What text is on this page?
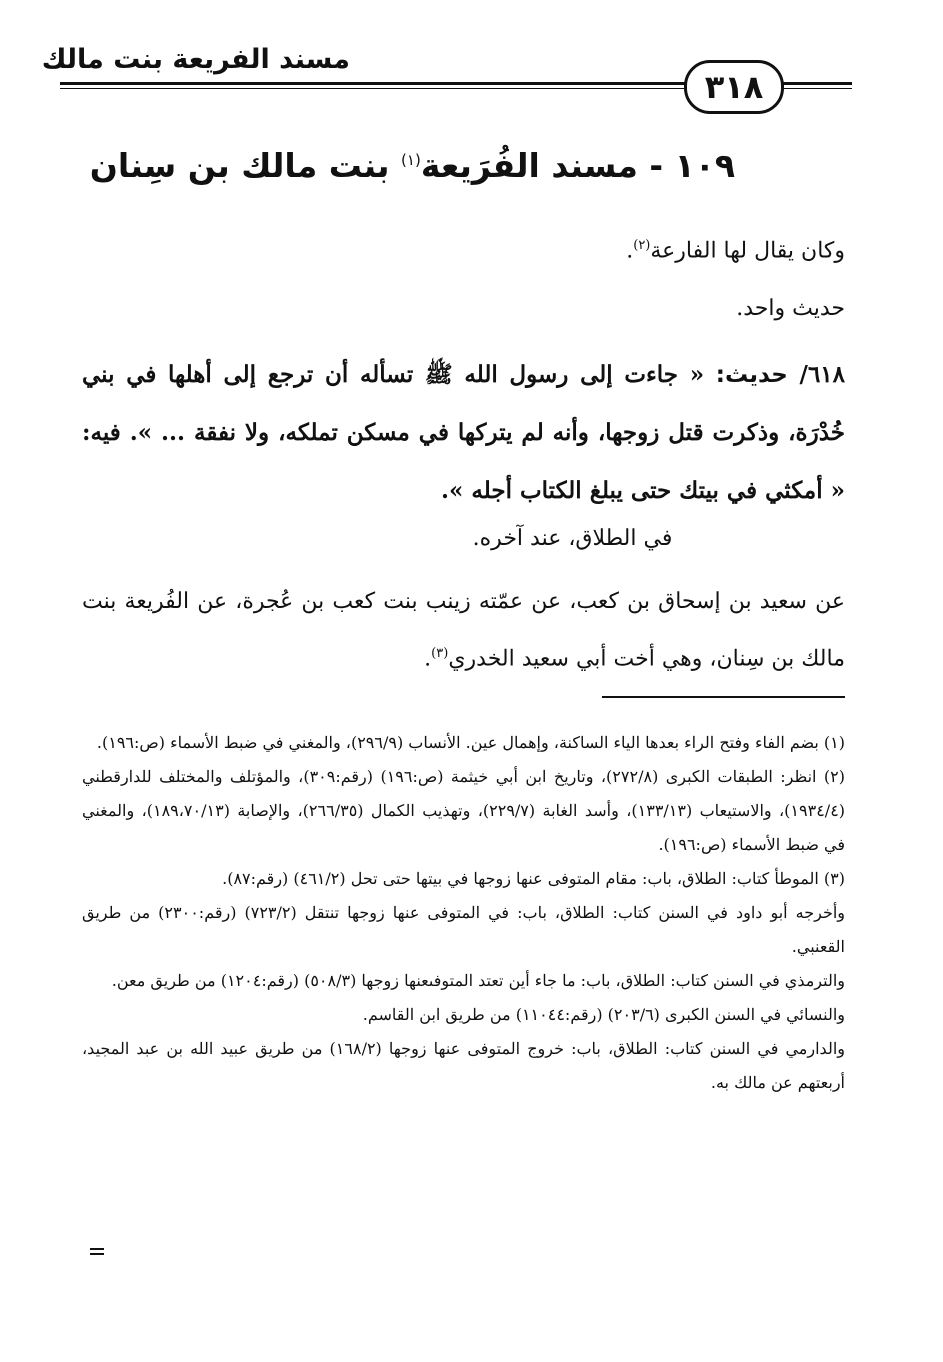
مسند الفريعة بنت مالك
٣١٨
١٠٩ - مسند الفُرَيعة$^{(١)}$ بنت مالك بن سِنان
وكان يقال لها الفارعة$^{(٢)}$.
حديث واحد.
٦١٨/ حديث: « جاءت إلى رسول الله ﷺ تسأله أن ترجع إلى أهلها في بني خُدْرَة، وذكرت قتل زوجها، وأنه لم يتركها في مسكن تملكه، ولا نفقة ... ». فيه: « أمكثي في بيتك حتى يبلغ الكتاب أجله ».
في الطلاق، عند آخره.
عن سعيد بن إسحاق بن كعب، عن عمّته زينب بنت كعب بن عُجرة، عن الفُريعة بنت مالك بن سِنان، وهي أخت أبي سعيد الخدري$^{(٣)}$.

(١) بضم الفاء وفتح الراء بعدها الياء الساكنة، وإهمال عين. الأنساب (٢٩٦/٩)، والمغني في ضبط الأسماء (ص:١٩٦).

(٢) انظر: الطبقات الكبرى (٢٧٢/٨)، وتاريخ ابن أبي خيثمة (ص:١٩٦) (رقم:٣٠٩)، والمؤتلف والمختلف للدارقطني (١٩٣٤/٤)، والاستيعاب (١٣٣/١٣)، وأسد الغابة (٢٢٩/٧)، وتهذيب الكمال (٢٦٦/٣٥)، والإصابة (١٨٩،٧٠/١٣)، والمغني في ضبط الأسماء (ص:١٩٦).

(٣) الموطأ كتاب: الطلاق، باب: مقام المتوفى عنها زوجها في بيتها حتى تحل (٤٦١/٢) (رقم:٨٧).

وأخرجه أبو داود في السنن كتاب: الطلاق، باب: في المتوفى عنها زوجها تنتقل (٧٢٣/٢) (رقم:٢٣٠٠) من طريق القعنبي.

والترمذي في السنن كتاب: الطلاق، باب: ما جاء أين تعتد المتوفىعنها زوجها (٥٠٨/٣) (رقم:١٢٠٤) من طريق معن.

والنسائي في السنن الكبرى (٢٠٣/٦) (رقم:١١٠٤٤) من طريق ابن القاسم.

والدارمي في السنن كتاب: الطلاق، باب: خروج المتوفى عنها زوجها (١٦٨/٢) من طريق عبيد الله بن عبد المجيد، أربعتهم عن مالك به.
